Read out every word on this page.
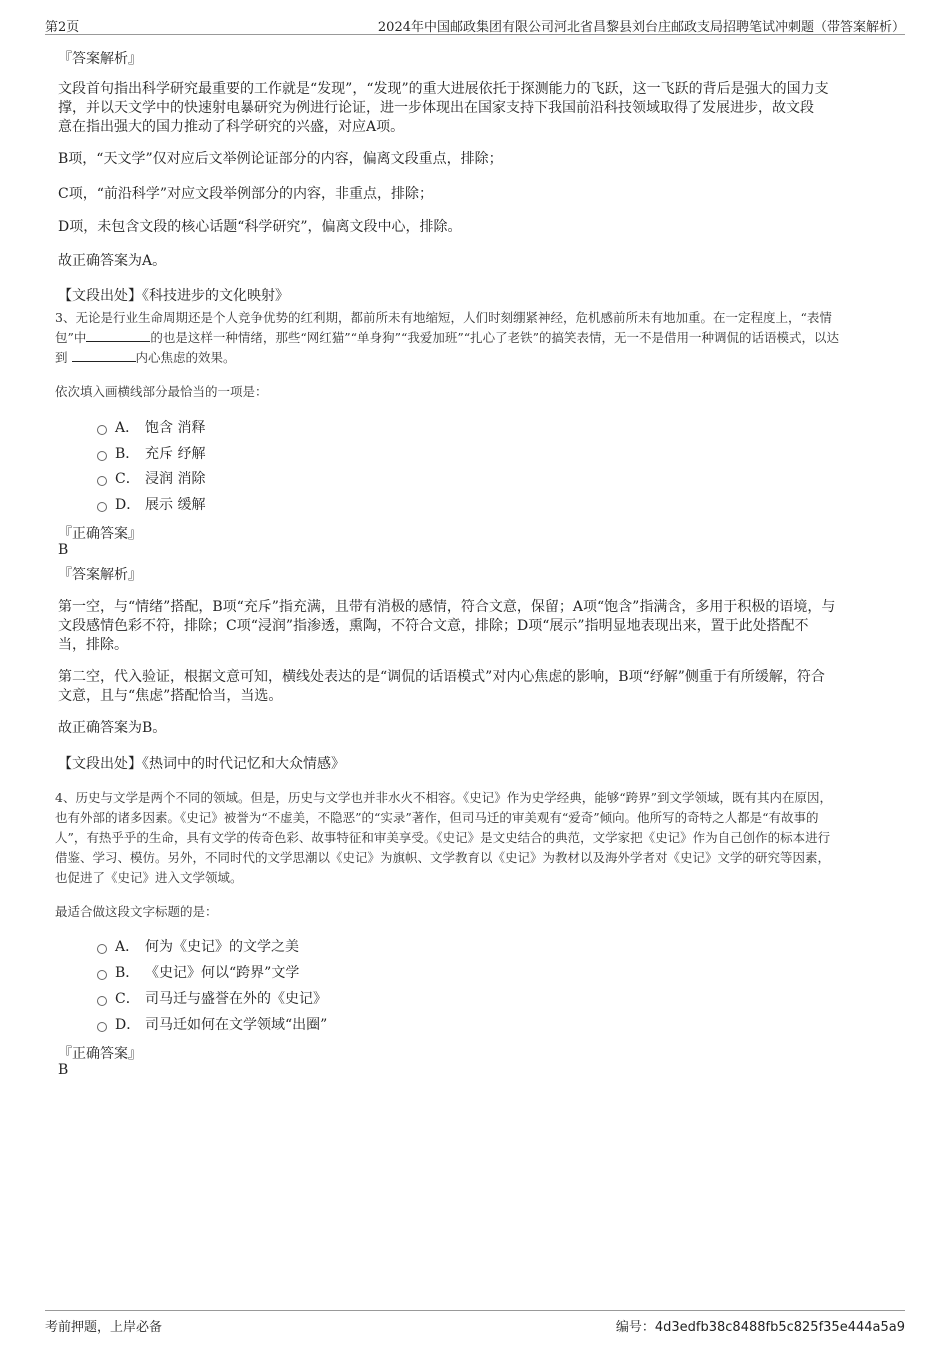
第2页	2024年中国邮政集团有限公司河北省昌黎县刘台庄邮政支局招聘笔试冲刺题（带答案解析）
『答案解析』
文段首句指出科学研究最重要的工作就是“发现”，“发现”的重大进展依托于探测能力的飞跃，这一飞跃的背后是强大的国力支
撑，并以天文学中的快速射电暴研究为例进行论证，进一步体现出在国家支持下我国前沿科技领域取得了发展进步，故文段
意在指出强大的国力推动了科学研究的兴盛，对应A项。
B项，“天文学”仅对应后文举例论证部分的内容，偏离文段重点，排除；
C项，“前沿科学”对应文段举例部分的内容，非重点，排除；
D项，未包含文段的核心话题“科学研究”，偏离文段中心，排除。
故正确答案为A。
【文段出处】《科技进步的文化映射》
3、无论是行业生命周期还是个人竞争优势的红利期，都前所未有地缩短，人们时刻绷紧神经，危机感前所未有地加重。在一定程度上，“表情
包”中	的也是这样一种情绪，那些“网红猫”“单身狗”“我爱加班”“扎心了老铁”的搞笑表情，无一不是借用一种调侃的话语模式，以达
到	内心焦虑的效果。
依次填入画横线部分最恰当的一项是：
A． 饱含 消释
B． 充斥 纾解
C． 浸润 消除
D． 展示 缓解
『正确答案』
B
『答案解析』
第一空，与“情绪”搭配，B项“充斥”指充满，且带有消极的感情，符合文意，保留；A项“饱含”指满含，多用于积极的语境，与
文段感情色彩不符，排除；C项“浸润”指渗透，熏陶，不符合文意，排除；D项“展示”指明显地表现出来，置于此处搭配不
当，排除。
第二空，代入验证，根据文意可知，横线处表达的是“调侃的话语模式”对内心焦虑的影响，B项“纾解”侧重于有所缓解，符合
文意，且与“焦虑”搭配恰当，当选。
故正确答案为B。
【文段出处】《热词中的时代记忆和大众情感》
4、历史与文学是两个不同的领域。但是，历史与文学也并非水火不相容。《史记》作为史学经典，能够“跨界”到文学领域，既有其内在原因，
也有外部的诸多因素。《史记》被誉为“不虚美，不隐恶”的“实录”著作，但司马迁的审美观有“爱奇”倾向。他所写的奇特之人都是“有故事的
人”，有热乎乎的生命，具有文学的传奇色彩、故事特征和审美享受。《史记》是文史结合的典范，文学家把《史记》作为自己创作的标本进行
借鉴、学习、模仿。另外，不同时代的文学思潮以《史记》为旗帜、文学教育以《史记》为教材以及海外学者对《史记》文学的研究等因素，
也促进了《史记》进入文学领域。
最适合做这段文字标题的是：
A． 何为《史记》的文学之美
B． 《史记》何以“跨界”文学
C． 司马迁与盛誉在外的《史记》
D． 司马迁如何在文学领域“出圈”
『正确答案』
B
考前押题，上岸必备	编号：4d3edfb38c8488fb5c825f35e444a5a9
